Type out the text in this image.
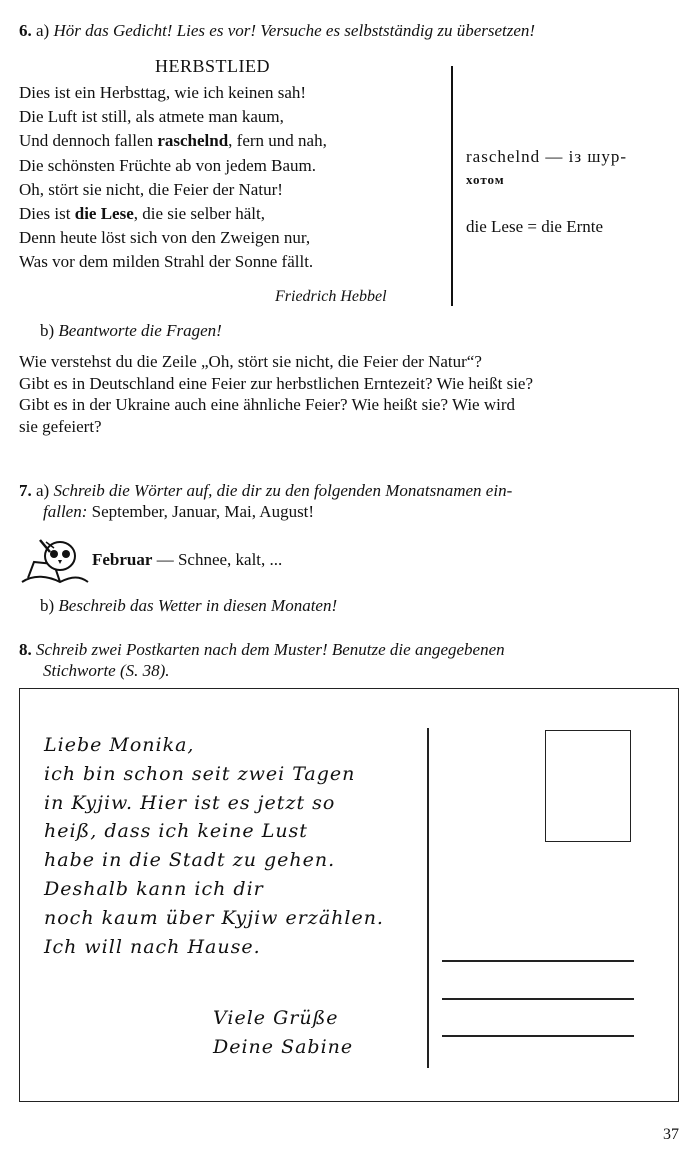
6. a) Hör das Gedicht! Lies es vor! Versuche es selbstständig zu übersetzen!
HERBSTLIED
Dies ist ein Herbsttag, wie ich keinen sah!
Die Luft ist still, als atmete man kaum,
Und dennoch fallen raschelnd, fern und nah,
Die schönsten Früchte ab von jedem Baum.
Oh, stört sie nicht, die Feier der Natur!
Dies ist die Lese, die sie selber hält,
Denn heute löst sich von den Zweigen nur,
Was vor dem milden Strahl der Sonne fällt.
Friedrich Hebbel
raschelnd — із шур-
хотом
die Lese = die Ernte
b) Beantworte die Fragen!
Wie verstehst du die Zeile „Oh, stört sie nicht, die Feier der Natur“?
Gibt es in Deutschland eine Feier zur herbstlichen Erntezeit? Wie heißt sie?
Gibt es in der Ukraine auch eine ähnliche Feier? Wie heißt sie? Wie wird
sie gefeiert?
7. a) Schreib die Wörter auf, die dir zu den folgenden Monatsnamen ein-
fallen: September, Januar, Mai, August!
Februar — Schnee, kalt, ...
b) Beschreib das Wetter in diesen Monaten!
8. Schreib zwei Postkarten nach dem Muster! Benutze die angegebenen
Stichworte (S. 38).
Liebe Monika,
ich bin schon seit zwei Tagen
in Kyjiw. Hier ist es jetzt so
heiß, dass ich keine Lust
habe in die Stadt zu gehen.
Deshalb kann ich dir
noch kaum über Kyjiw erzählen.
Ich will nach Hause.
Viele Grüße
Deine Sabine
37
